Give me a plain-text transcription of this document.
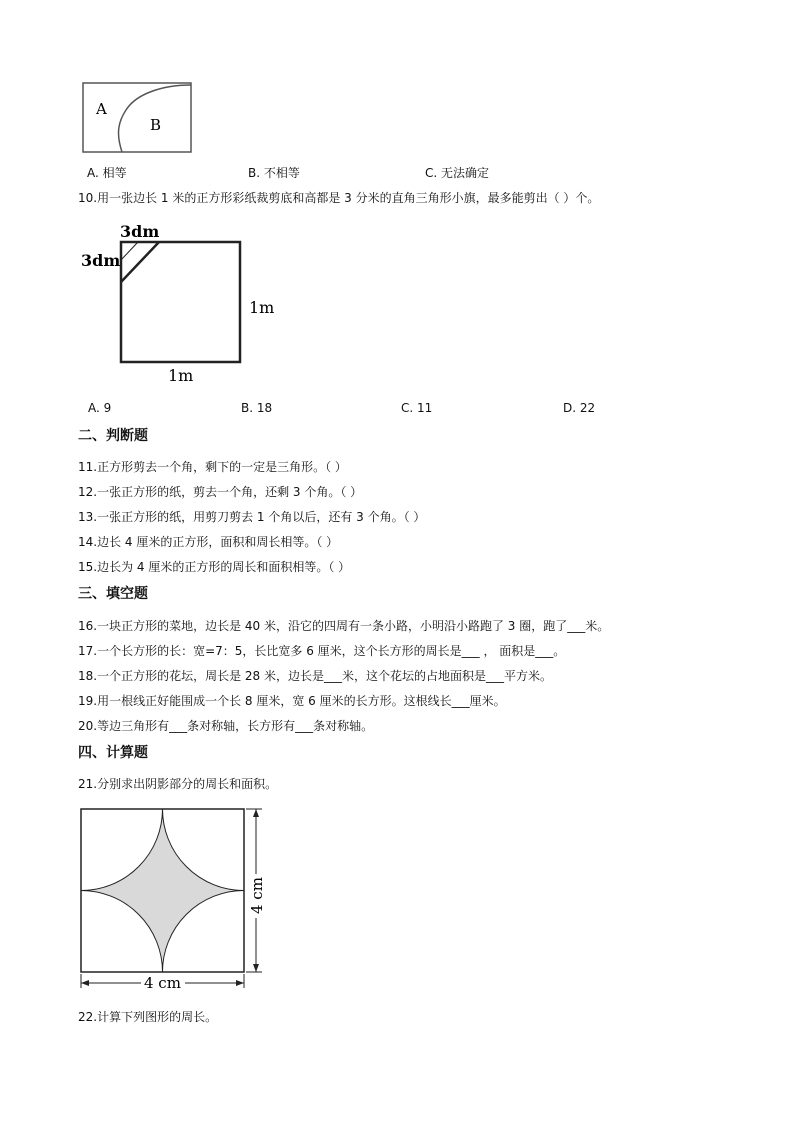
A
B
A. 相等	B. 不相等	C. 无法确定
10.用一张边长 1 米的正方形彩纸裁剪底和高都是 3 分米的直角三角形小旗，最多能剪出（ ）个。
3dm
3dm
1m
1m
A. 9	B. 18	C. 11	D. 22
二、判断题
11.正方形剪去一个角，剩下的一定是三角形。（ ）
12.一张正方形的纸，剪去一个角，还剩 3 个角。（ ）
13.一张正方形的纸，用剪刀剪去 1 个角以后，还有 3 个角。（ ）
14.边长 4 厘米的正方形，面积和周长相等。（ ）
15.边长为 4 厘米的正方形的周长和面积相等。（ ）
三、填空题
16.一块正方形的菜地，边长是 40 米，沿它的四周有一条小路，小明沿小路跑了 3 圈，跑了___米。
17.一个长方形的长：宽=7：5，长比宽多 6 厘米，这个长方形的周长是___ ， 面积是___。
18.一个正方形的花坛，周长是 28 米，边长是___米，这个花坛的占地面积是___平方米。
19.用一根线正好能围成一个长 8 厘米，宽 6 厘米的长方形。这根线长___厘米。
20.等边三角形有___条对称轴，长方形有___条对称轴。
四、计算题
21.分别求出阴影部分的周长和面积。
4 cm
4 cm
22.计算下列图形的周长。
